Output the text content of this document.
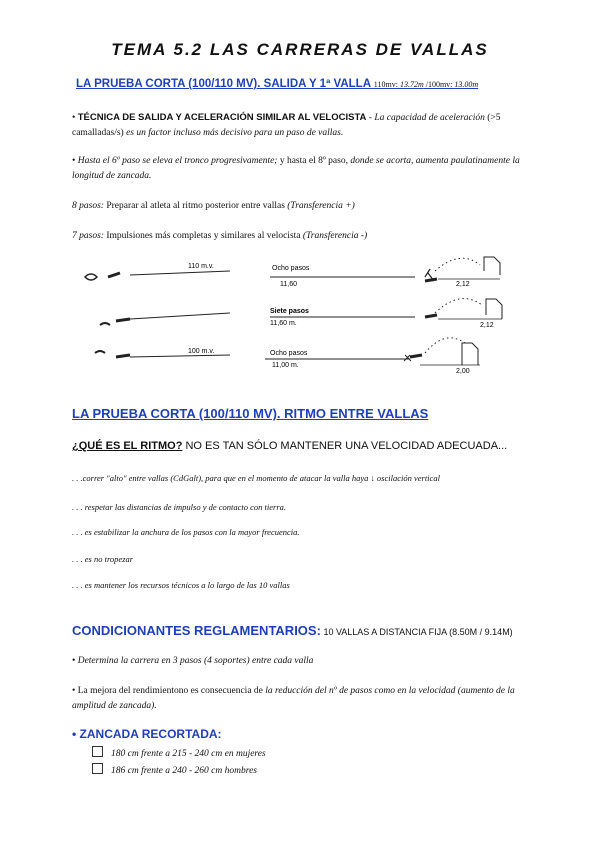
TEMA 5.2 LAS CARRERAS DE VALLAS
LA PRUEBA CORTA (100/110 MV). SALIDA Y 1ª VALLA 110mv: 13.72m /100mv: 13.00m
• TÉCNICA DE SALIDA Y ACELERACIÓN SIMILAR AL VELOCISTA - La capacidad de aceleración (>5 camalladas/s) es un factor incluso más decisivo para un paso de vallas.
• Hasta el 6º paso se eleva el tronco progresivamente; y hasta el 8º paso, donde se acorta, aumenta paulatinamente la longitud de zancada.
8 pasos: Preparar al atleta al ritmo posterior entre vallas (Transferencia +)
7 pasos: Impulsiones más completas y similares al velocista (Transferencia -)
110 m.v.	Ocho pasos
11,60	2,12
Siete pasos
11,60 m.	2,12
100 m.v.	Ocho pasos
11,00 m.
2,00
LA PRUEBA CORTA (100/110 MV). RITMO ENTRE VALLAS
¿QUÉ ES EL RITMO? NO ES TAN SÓLO MANTENER UNA VELOCIDAD ADECUADA...
. . .correr "alto" entre vallas (CdGalt), para que en el momento de atacar la valla haya ↓ oscilación vertical
. . . respetar las distancias de impulso y de contacto con tierra.
. . . es estabilizar la anchura de los pasos con la mayor frecuencia.
. . . es no tropezar
. . . es mantener los recursos técnicos a lo largo de las 10 vallas
CONDICIONANTES REGLAMENTARIOS: 10 VALLAS A DISTANCIA FIJA (8.50M / 9.14M)
• Determina la carrera en 3 pasos (4 soportes) entre cada valla
• La mejora del rendimientono es consecuencia de la reducción del nº de pasos como en la velocidad (aumento de la amplitud de zancada).
• ZANCADA RECORTADA:
180 cm frente a 215 - 240 cm en mujeres
186 cm frente a 240 - 260 cm hombres
